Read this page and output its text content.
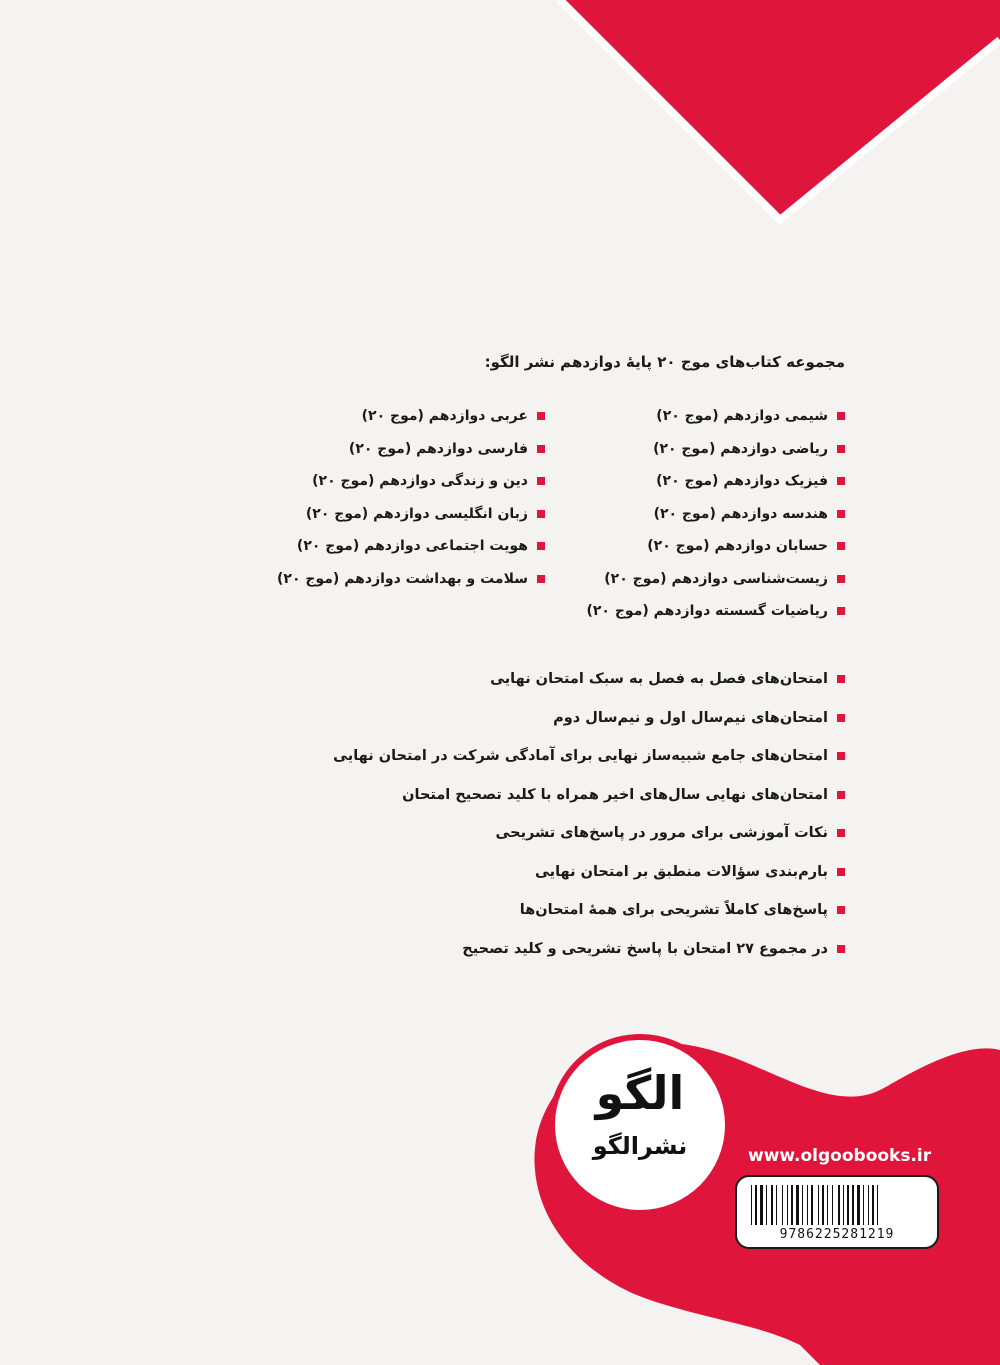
مجموعه کتاب‌های موج ۲۰ پایهٔ دوازدهم نشر الگو:
شیمی دوازدهم (موج ۲۰)
ریاضی دوازدهم (موج ۲۰)
فیزیک دوازدهم (موج ۲۰)
هندسه دوازدهم (موج ۲۰)
حسابان دوازدهم (موج ۲۰)
زیست‌شناسی دوازدهم (موج ۲۰)
ریاضیات گسسته دوازدهم (موج ۲۰)
عربی دوازدهم (موج ۲۰)
فارسی دوازدهم (موج ۲۰)
دین و زندگی دوازدهم (موج ۲۰)
زبان انگلیسی دوازدهم (موج ۲۰)
هویت اجتماعی دوازدهم (موج ۲۰)
سلامت و بهداشت دوازدهم (موج ۲۰)
امتحان‌های فصل به فصل به سبک امتحان نهایی
امتحان‌های نیم‌سال اول و نیم‌سال دوم
امتحان‌های جامع شبیه‌ساز نهایی برای آمادگی شرکت در امتحان نهایی
امتحان‌های نهایی سال‌های اخیر همراه با کلید تصحیح امتحان
نکات آموزشی برای مرور در پاسخ‌های تشریحی
بارم‌بندی سؤالات منطبق بر امتحان نهایی
پاسخ‌های کاملاً تشریحی برای همهٔ امتحان‌ها
در مجموع ۲۷ امتحان با پاسخ تشریحی و کلید تصحیح
الگو
نشرالگو	www.olgoobooks.ir
9786225281219
